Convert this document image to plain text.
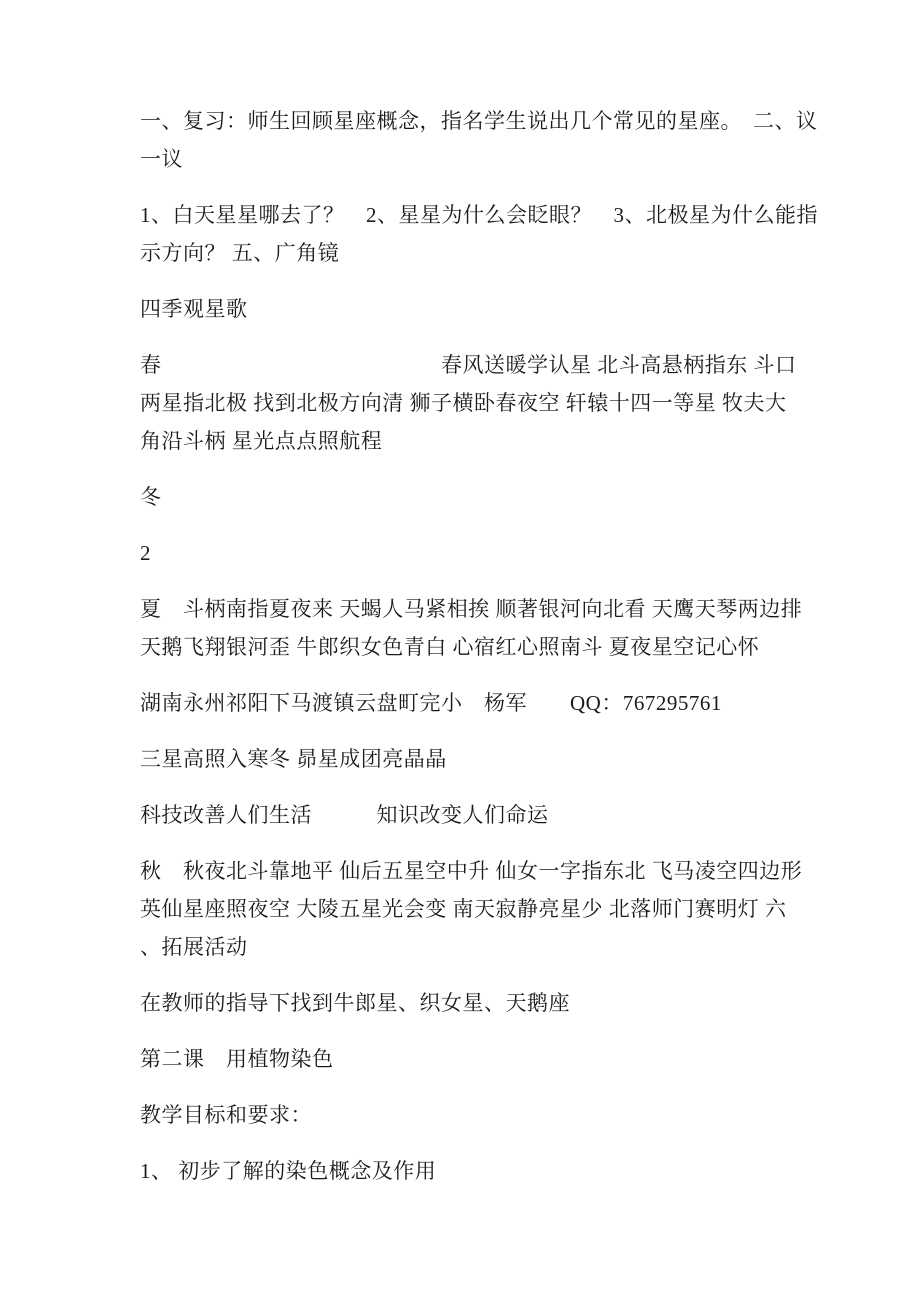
一、复习：师生回顾星座概念，指名学生说出几个常见的星座。　二、议
一议
1、白天星星哪去了？　2、星星为什么会眨眼？　3、北极星为什么能指
示方向？ 五、广角镜
四季观星歌
春　　　　　　　　　　　　　春风送暖学认星 北斗高悬柄指东 斗口
两星指北极 找到北极方向清 狮子横卧春夜空 轩辕十四一等星 牧夫大
角沿斗柄 星光点点照航程
冬
2
夏　斗柄南指夏夜来 天蝎人马紧相挨 顺著银河向北看 天鹰天琴两边排
天鹅飞翔银河歪 牛郎织女色青白 心宿红心照南斗 夏夜星空记心怀
湖南永州祁阳下马渡镇云盘町完小　杨军　　QQ：767295761
三星高照入寒冬 昴星成团亮晶晶
科技改善人们生活　　　知识改变人们命运
秋　秋夜北斗靠地平 仙后五星空中升 仙女一字指东北 飞马凌空四边形
英仙星座照夜空 大陵五星光会变 南天寂静亮星少 北落师门赛明灯 六
、拓展活动
在教师的指导下找到牛郎星、织女星、天鹅座
第二课　用植物染色
教学目标和要求：
1、 初步了解的染色概念及作用
